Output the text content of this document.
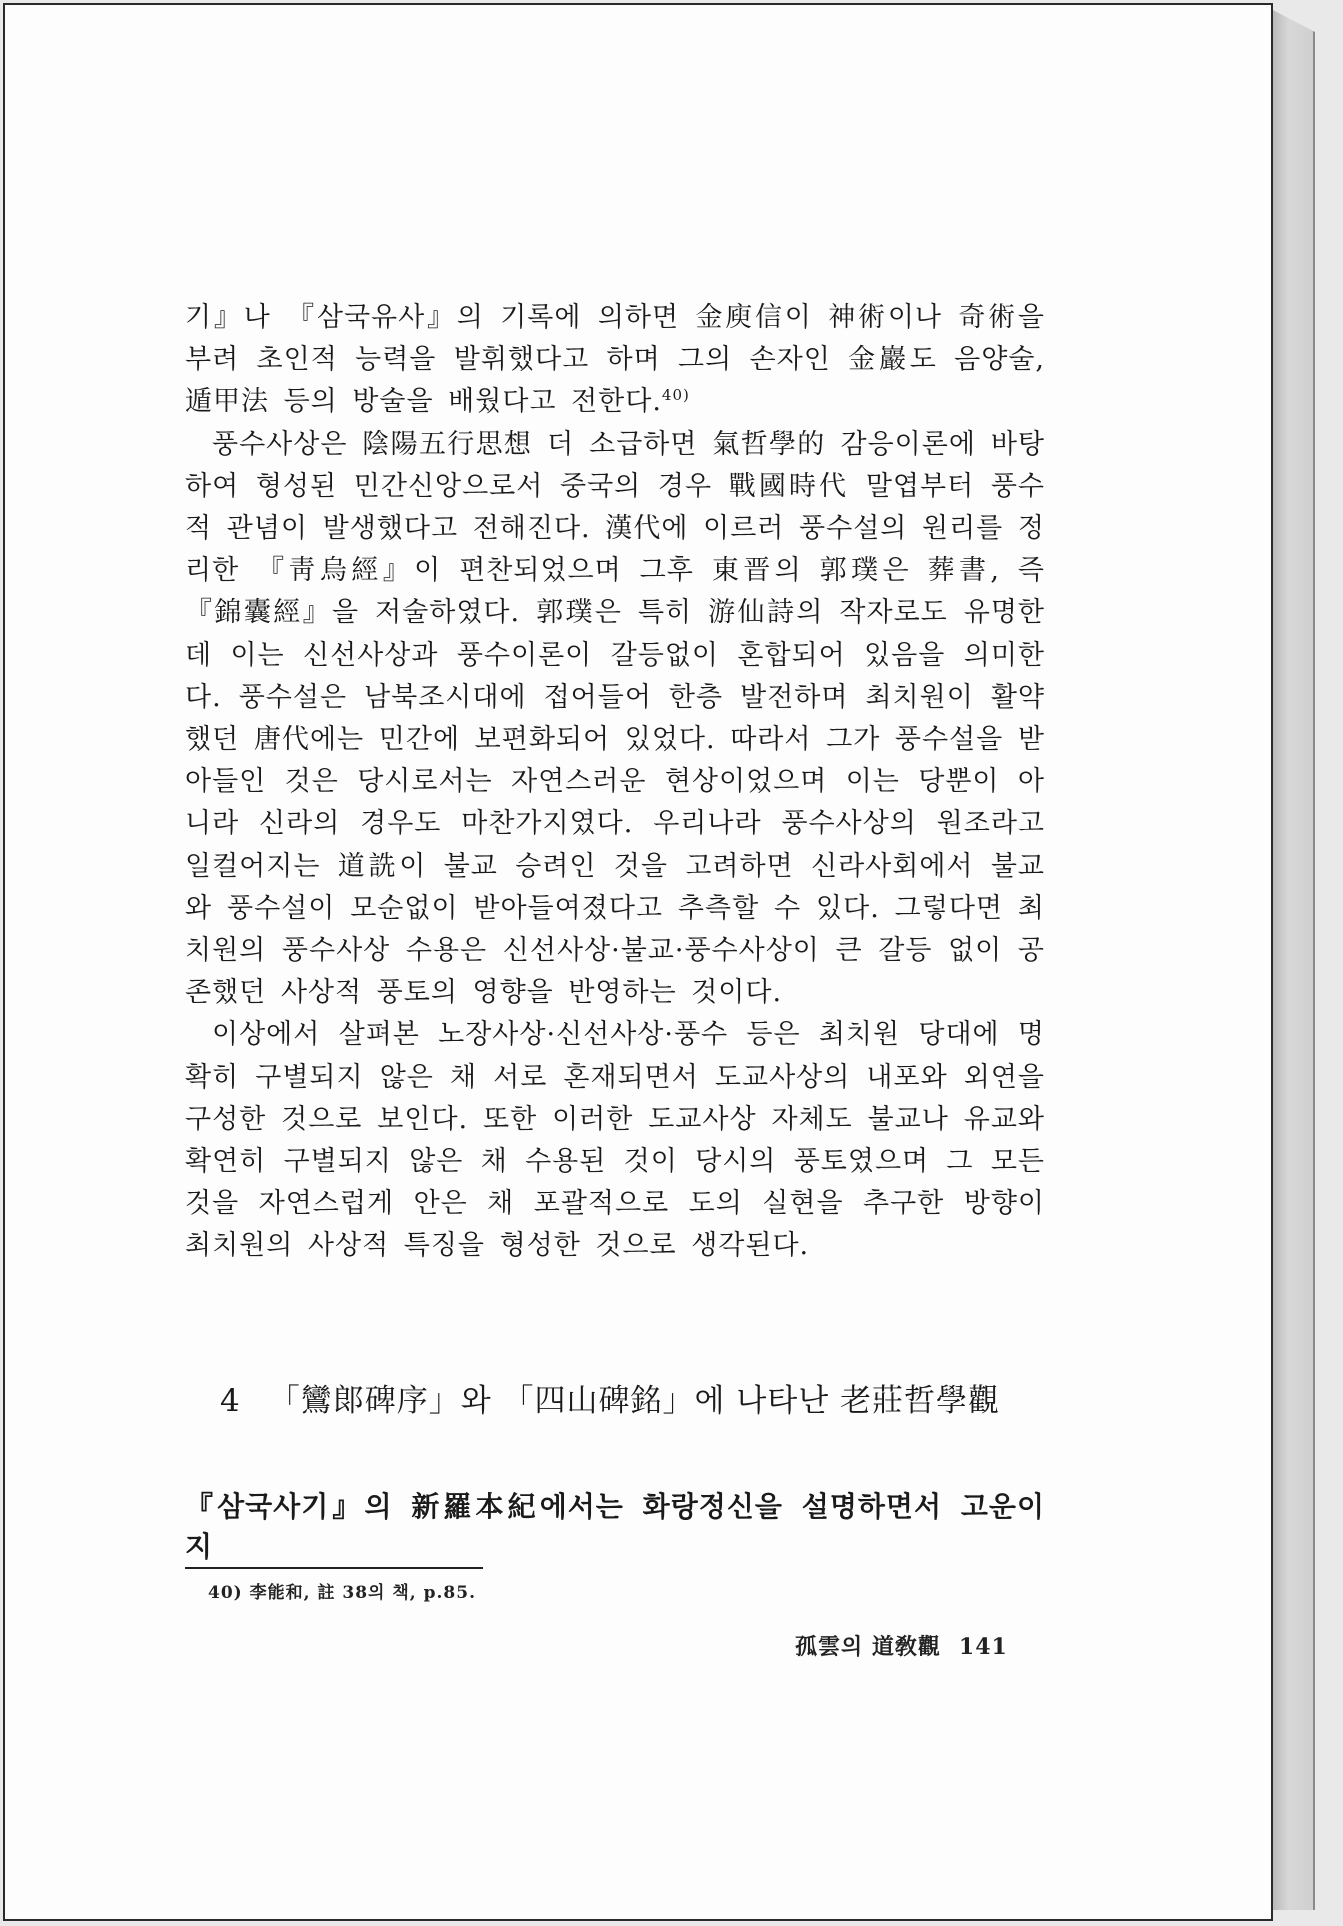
기』나 『삼국유사』의 기록에 의하면 金庾信이 神術이나 奇術을 부려 초인적 능력을 발휘했다고 하며 그의 손자인 金巖도 음양술, 遁甲法 등의 방술을 배웠다고 전한다.$^{40)}$

풍수사상은 陰陽五行思想 더 소급하면 氣哲學的 감응이론에 바탕하여 형성된 민간신앙으로서 중국의 경우 戰國時代 말엽부터 풍수적 관념이 발생했다고 전해진다. 漢代에 이르러 풍수설의 원리를 정리한 『靑烏經』이 편찬되었으며 그후 東晋의 郭璞은 葬書, 즉 『錦囊經』을 저술하였다. 郭璞은 특히 游仙詩의 작자로도 유명한데 이는 신선사상과 풍수이론이 갈등없이 혼합되어 있음을 의미한다. 풍수설은 남북조시대에 접어들어 한층 발전하며 최치원이 활약했던 唐代에는 민간에 보편화되어 있었다. 따라서 그가 풍수설을 받아들인 것은 당시로서는 자연스러운 현상이었으며 이는 당뿐이 아니라 신라의 경우도 마찬가지였다. 우리나라 풍수사상의 원조라고 일컬어지는 道詵이 불교 승려인 것을 고려하면 신라사회에서 불교와 풍수설이 모순없이 받아들여졌다고 추측할 수 있다. 그렇다면 최치원의 풍수사상 수용은 신선사상·불교·풍수사상이 큰 갈등 없이 공존했던 사상적 풍토의 영향을 반영하는 것이다.

이상에서 살펴본 노장사상·신선사상·풍수 등은 최치원 당대에 명확히 구별되지 않은 채 서로 혼재되면서 도교사상의 내포와 외연을 구성한 것으로 보인다. 또한 이러한 도교사상 자체도 불교나 유교와 확연히 구별되지 않은 채 수용된 것이 당시의 풍토였으며 그 모든 것을 자연스럽게 안은 채 포괄적으로 도의 실현을 추구한 방향이 최치원의 사상적 특징을 형성한 것으로 생각된다.

4 「鸞郞碑序」와 「四山碑銘」에 나타난 老莊哲學觀

『삼국사기』의 新羅本紀에서는 화랑정신을 설명하면서 고운이 지

40) 李能和, 註 38의 책, p.85.

孤雲의 道敎觀 141
